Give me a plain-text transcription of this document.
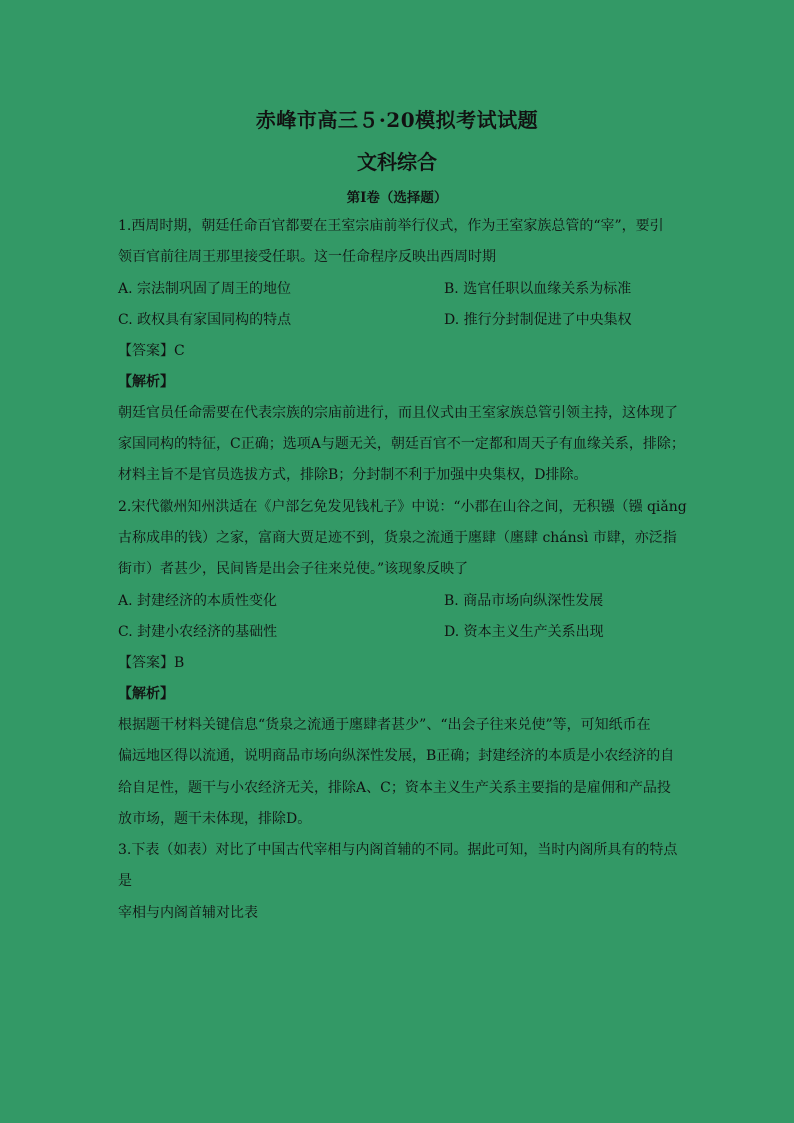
赤峰市高三５·20模拟考试试题
文科综合
第Ⅰ卷（选择题）
1.西周时期，朝廷任命百官都要在王室宗庙前举行仪式，作为王室家族总管的“宰”，要引
领百官前往周王那里接受任职。这一任命程序反映出西周时期
A. 宗法制巩固了周王的地位	B. 选官任职以血缘关系为标准
C. 政权具有家国同构的特点	D. 推行分封制促进了中央集权
【答案】C
【解析】
朝廷官员任命需要在代表宗族的宗庙前进行，而且仪式由王室家族总管引领主持，这体现了
家国同构的特征，C正确；选项A与题无关，朝廷百官不一定都和周天子有血缘关系，排除；
材料主旨不是官员选拔方式，排除B；分封制不利于加强中央集权，D排除。
2.宋代徽州知州洪适在《户部乞免发见钱札子》中说：“小郡在山谷之间，无积镪（镪 qiǎng
古称成串的钱）之家，富商大贾足迹不到，货泉之流通于廛肆（廛肆 chánsì 市肆，亦泛指
街市）者甚少，民间皆是出会子往来兑使。”该现象反映了
A. 封建经济的本质性变化	B. 商品市场向纵深性发展
C. 封建小农经济的基础性	D. 资本主义生产关系出现
【答案】B
【解析】
根据题干材料关键信息“货泉之流通于廛肆者甚少”、“出会子往来兑使”等，可知纸币在
偏远地区得以流通，说明商品市场向纵深性发展，B正确；封建经济的本质是小农经济的自
给自足性，题干与小农经济无关，排除A、C；资本主义生产关系主要指的是雇佣和产品投
放市场，题干未体现，排除D。
3.下表（如表）对比了中国古代宰相与内阁首辅的不同。据此可知，当时内阁所具有的特点
是
宰相与内阁首辅对比表
